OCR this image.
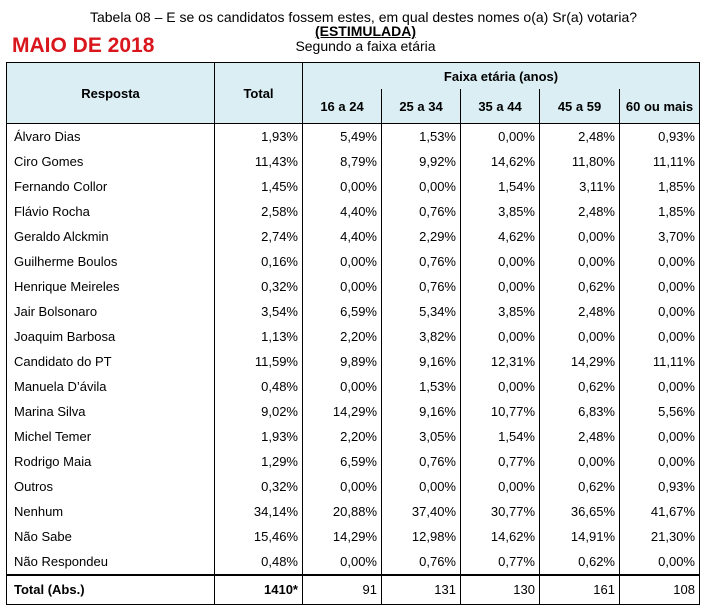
Tabela 08 – E se os candidatos fossem estes, em qual destes nomes o(a) Sr(a) votaria?
(ESTIMULADA)
Segundo a faixa etária
MAIO DE 2018
Resposta	Total	Faixa etária (anos)				
		16 a 24	25 a 34	35 a 44	45 a 59	60 ou mais
Álvaro Dias	1,93%	5,49%	1,53%	0,00%	2,48%	0,93%
Ciro Gomes	11,43%	8,79%	9,92%	14,62%	11,80%	11,11%
Fernando Collor	1,45%	0,00%	0,00%	1,54%	3,11%	1,85%
Flávio Rocha	2,58%	4,40%	0,76%	3,85%	2,48%	1,85%
Geraldo Alckmin	2,74%	4,40%	2,29%	4,62%	0,00%	3,70%
Guilherme Boulos	0,16%	0,00%	0,76%	0,00%	0,00%	0,00%
Henrique Meireles	0,32%	0,00%	0,76%	0,00%	0,62%	0,00%
Jair Bolsonaro	3,54%	6,59%	5,34%	3,85%	2,48%	0,00%
Joaquim Barbosa	1,13%	2,20%	3,82%	0,00%	0,00%	0,00%
Candidato do PT	11,59%	9,89%	9,16%	12,31%	14,29%	11,11%
Manuela D’ávila	0,48%	0,00%	1,53%	0,00%	0,62%	0,00%
Marina Silva	9,02%	14,29%	9,16%	10,77%	6,83%	5,56%
Michel Temer	1,93%	2,20%	3,05%	1,54%	2,48%	0,00%
Rodrigo Maia	1,29%	6,59%	0,76%	0,77%	0,00%	0,00%
Outros	0,32%	0,00%	0,00%	0,00%	0,62%	0,93%
Nenhum	34,14%	20,88%	37,40%	30,77%	36,65%	41,67%
Não Sabe	15,46%	14,29%	12,98%	14,62%	14,91%	21,30%
Não Respondeu	0,48%	0,00%	0,76%	0,77%	0,62%	0,00%
Total (Abs.)	1410*	91	131	130	161	108
